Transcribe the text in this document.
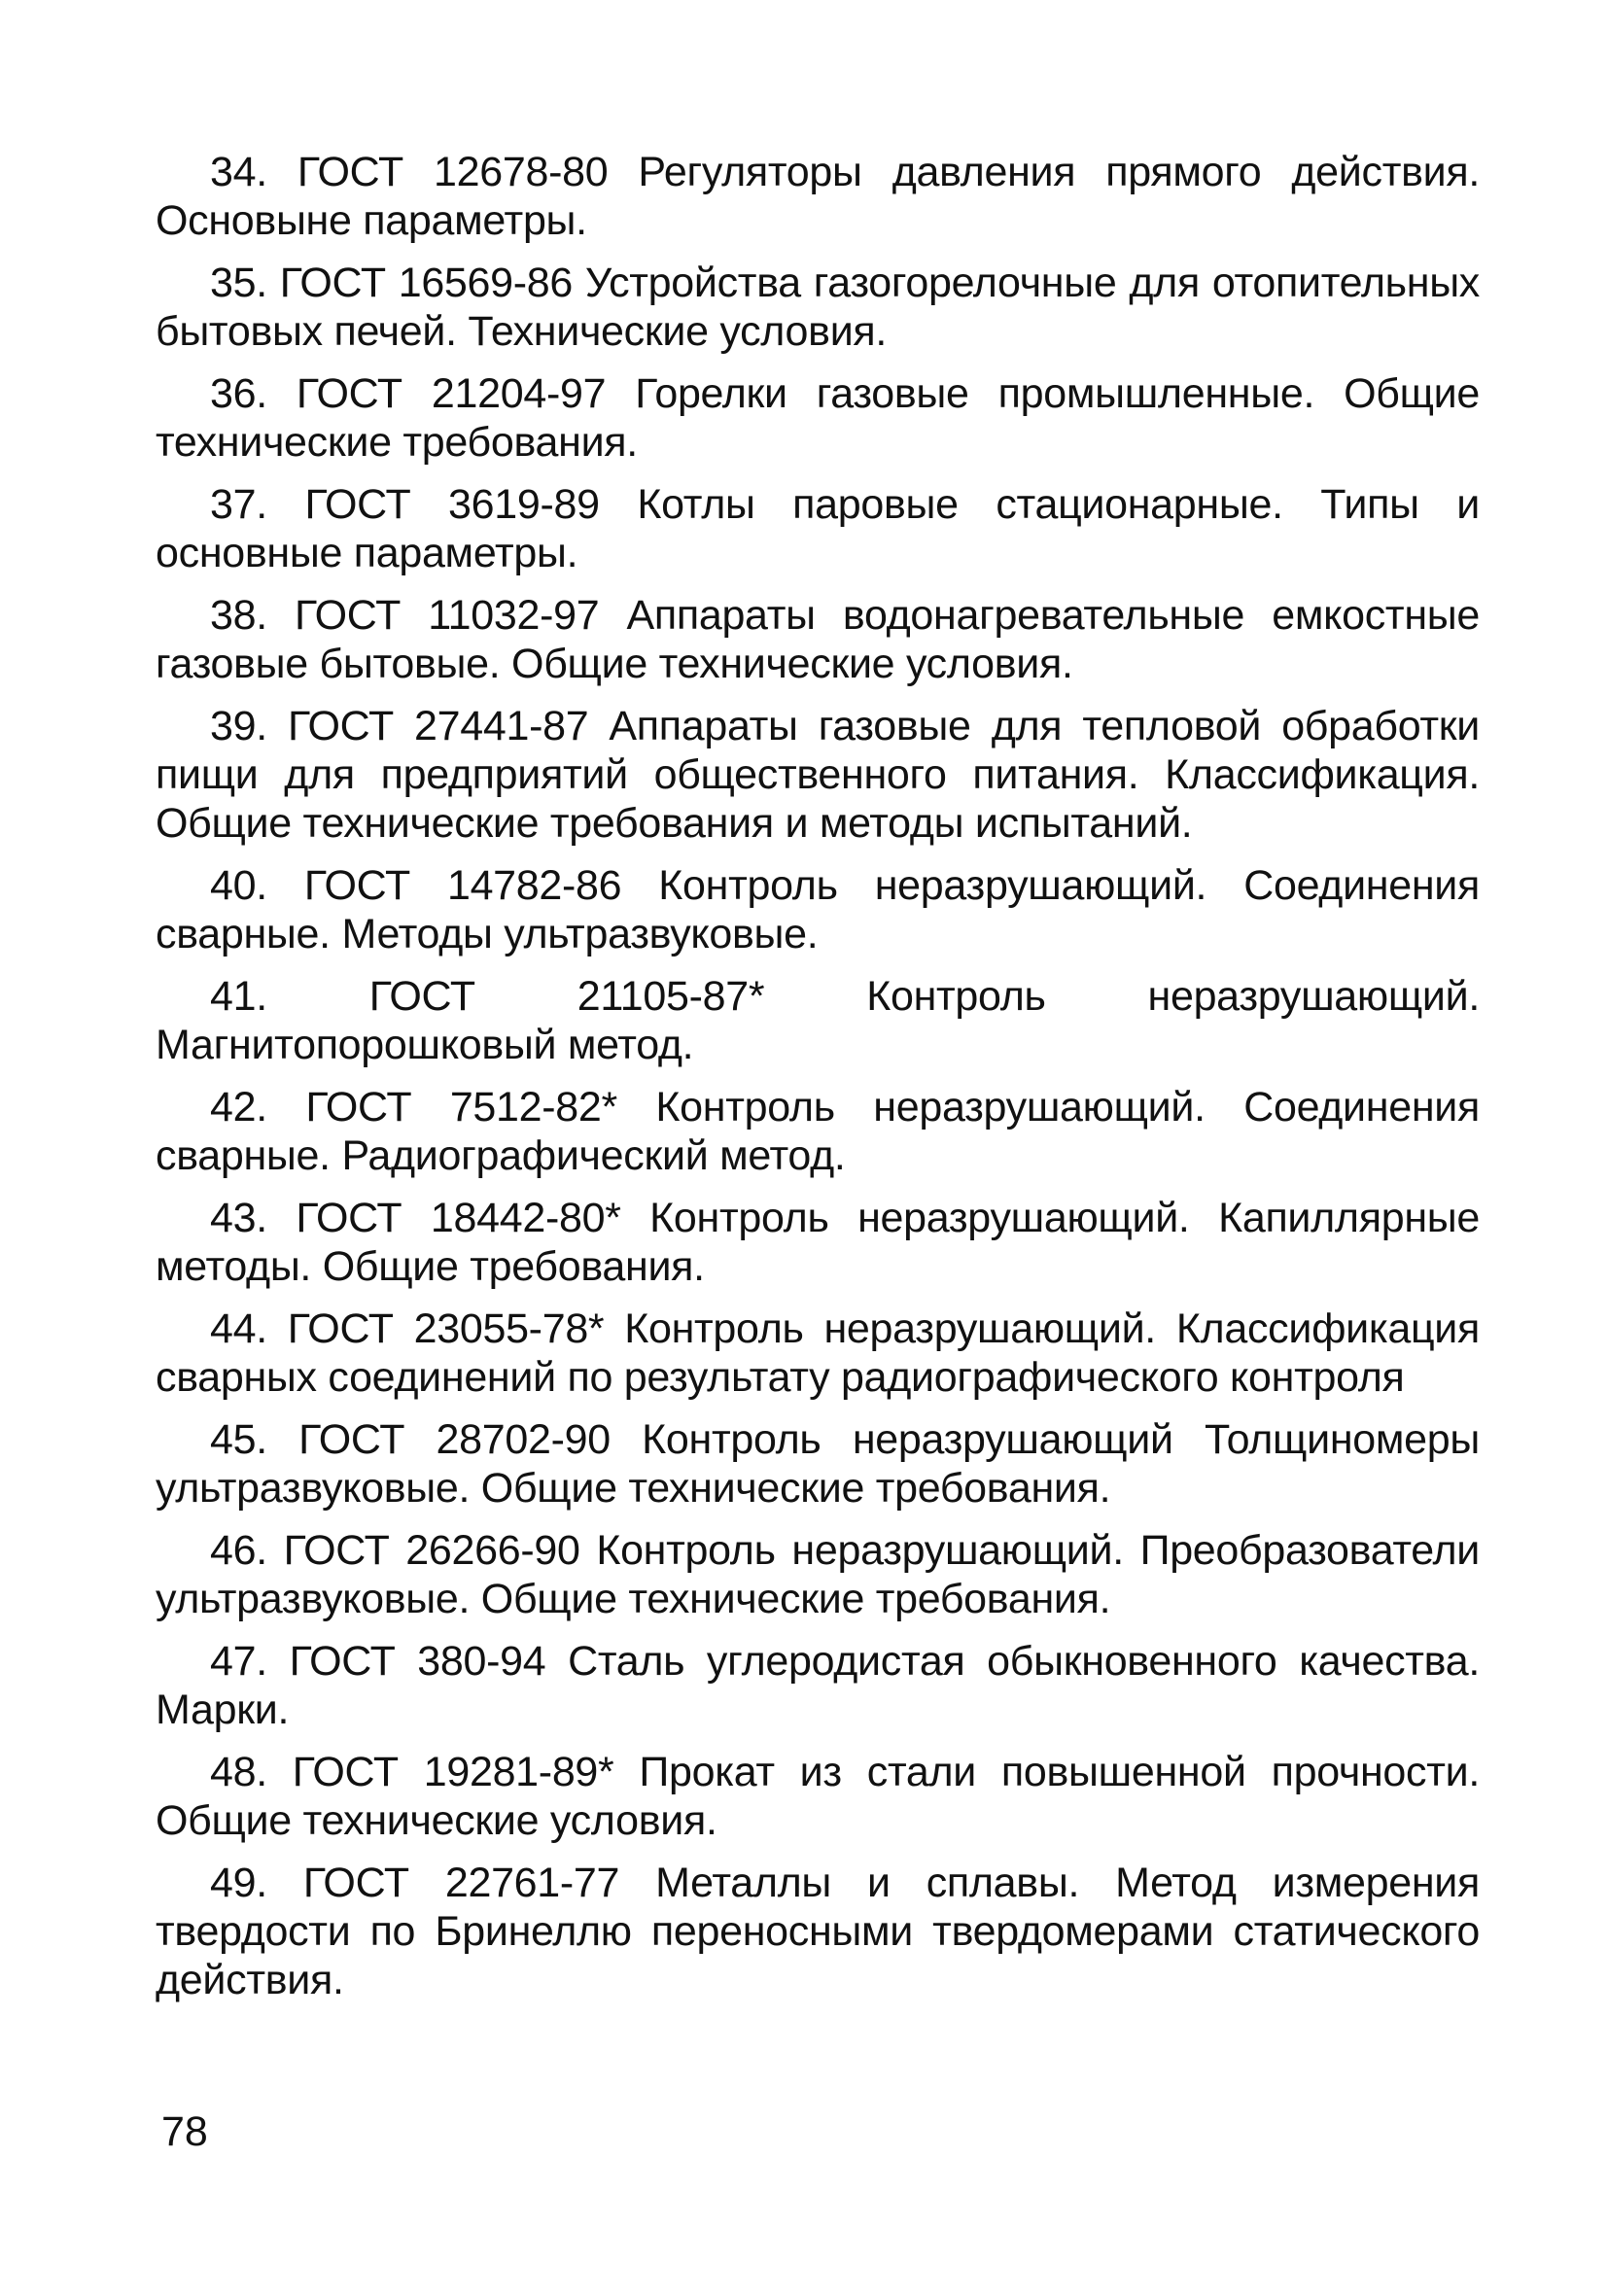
34. ГОСТ 12678-80 Регуляторы давления прямого действия. Основыне параметры.
35. ГОСТ 16569-86 Устройства газогорелочные для отопительных бытовых печей. Технические условия.
36. ГОСТ 21204-97 Горелки газовые промышленные. Общие технические требования.
37. ГОСТ 3619-89 Котлы паровые стационарные. Типы и основные параметры.
38. ГОСТ 11032-97 Аппараты водонагревательные емкостные газовые бытовые. Общие технические условия.
39. ГОСТ 27441-87 Аппараты газовые для тепловой обработки пищи для предприятий общественного питания. Классификация. Общие технические требования и методы испытаний.
40. ГОСТ 14782-86 Контроль неразрушающий. Соединения сварные. Методы ультразвуковые.
41. ГОСТ 21105-87* Контроль неразрушающий. Магнитопорошковый метод.
42. ГОСТ 7512-82* Контроль неразрушающий. Соединения сварные. Радиографический метод.
43. ГОСТ 18442-80* Контроль неразрушающий. Капиллярные методы. Общие требования.
44. ГОСТ 23055-78* Контроль неразрушающий. Классификация сварных соединений по результату радиографического контроля
45. ГОСТ 28702-90 Контроль неразрушающий Толщиномеры ультразвуковые. Общие технические требования.
46. ГОСТ 26266-90 Контроль неразрушающий. Преобразователи ультразвуковые. Общие технические требования.
47. ГОСТ 380-94 Сталь углеродистая обыкновенного качества. Марки.
48. ГОСТ 19281-89* Прокат из стали повышенной прочности. Общие технические условия.
49. ГОСТ 22761-77 Металлы и сплавы. Метод измерения твердости по Бринеллю переносными твердомерами статического действия.
78
